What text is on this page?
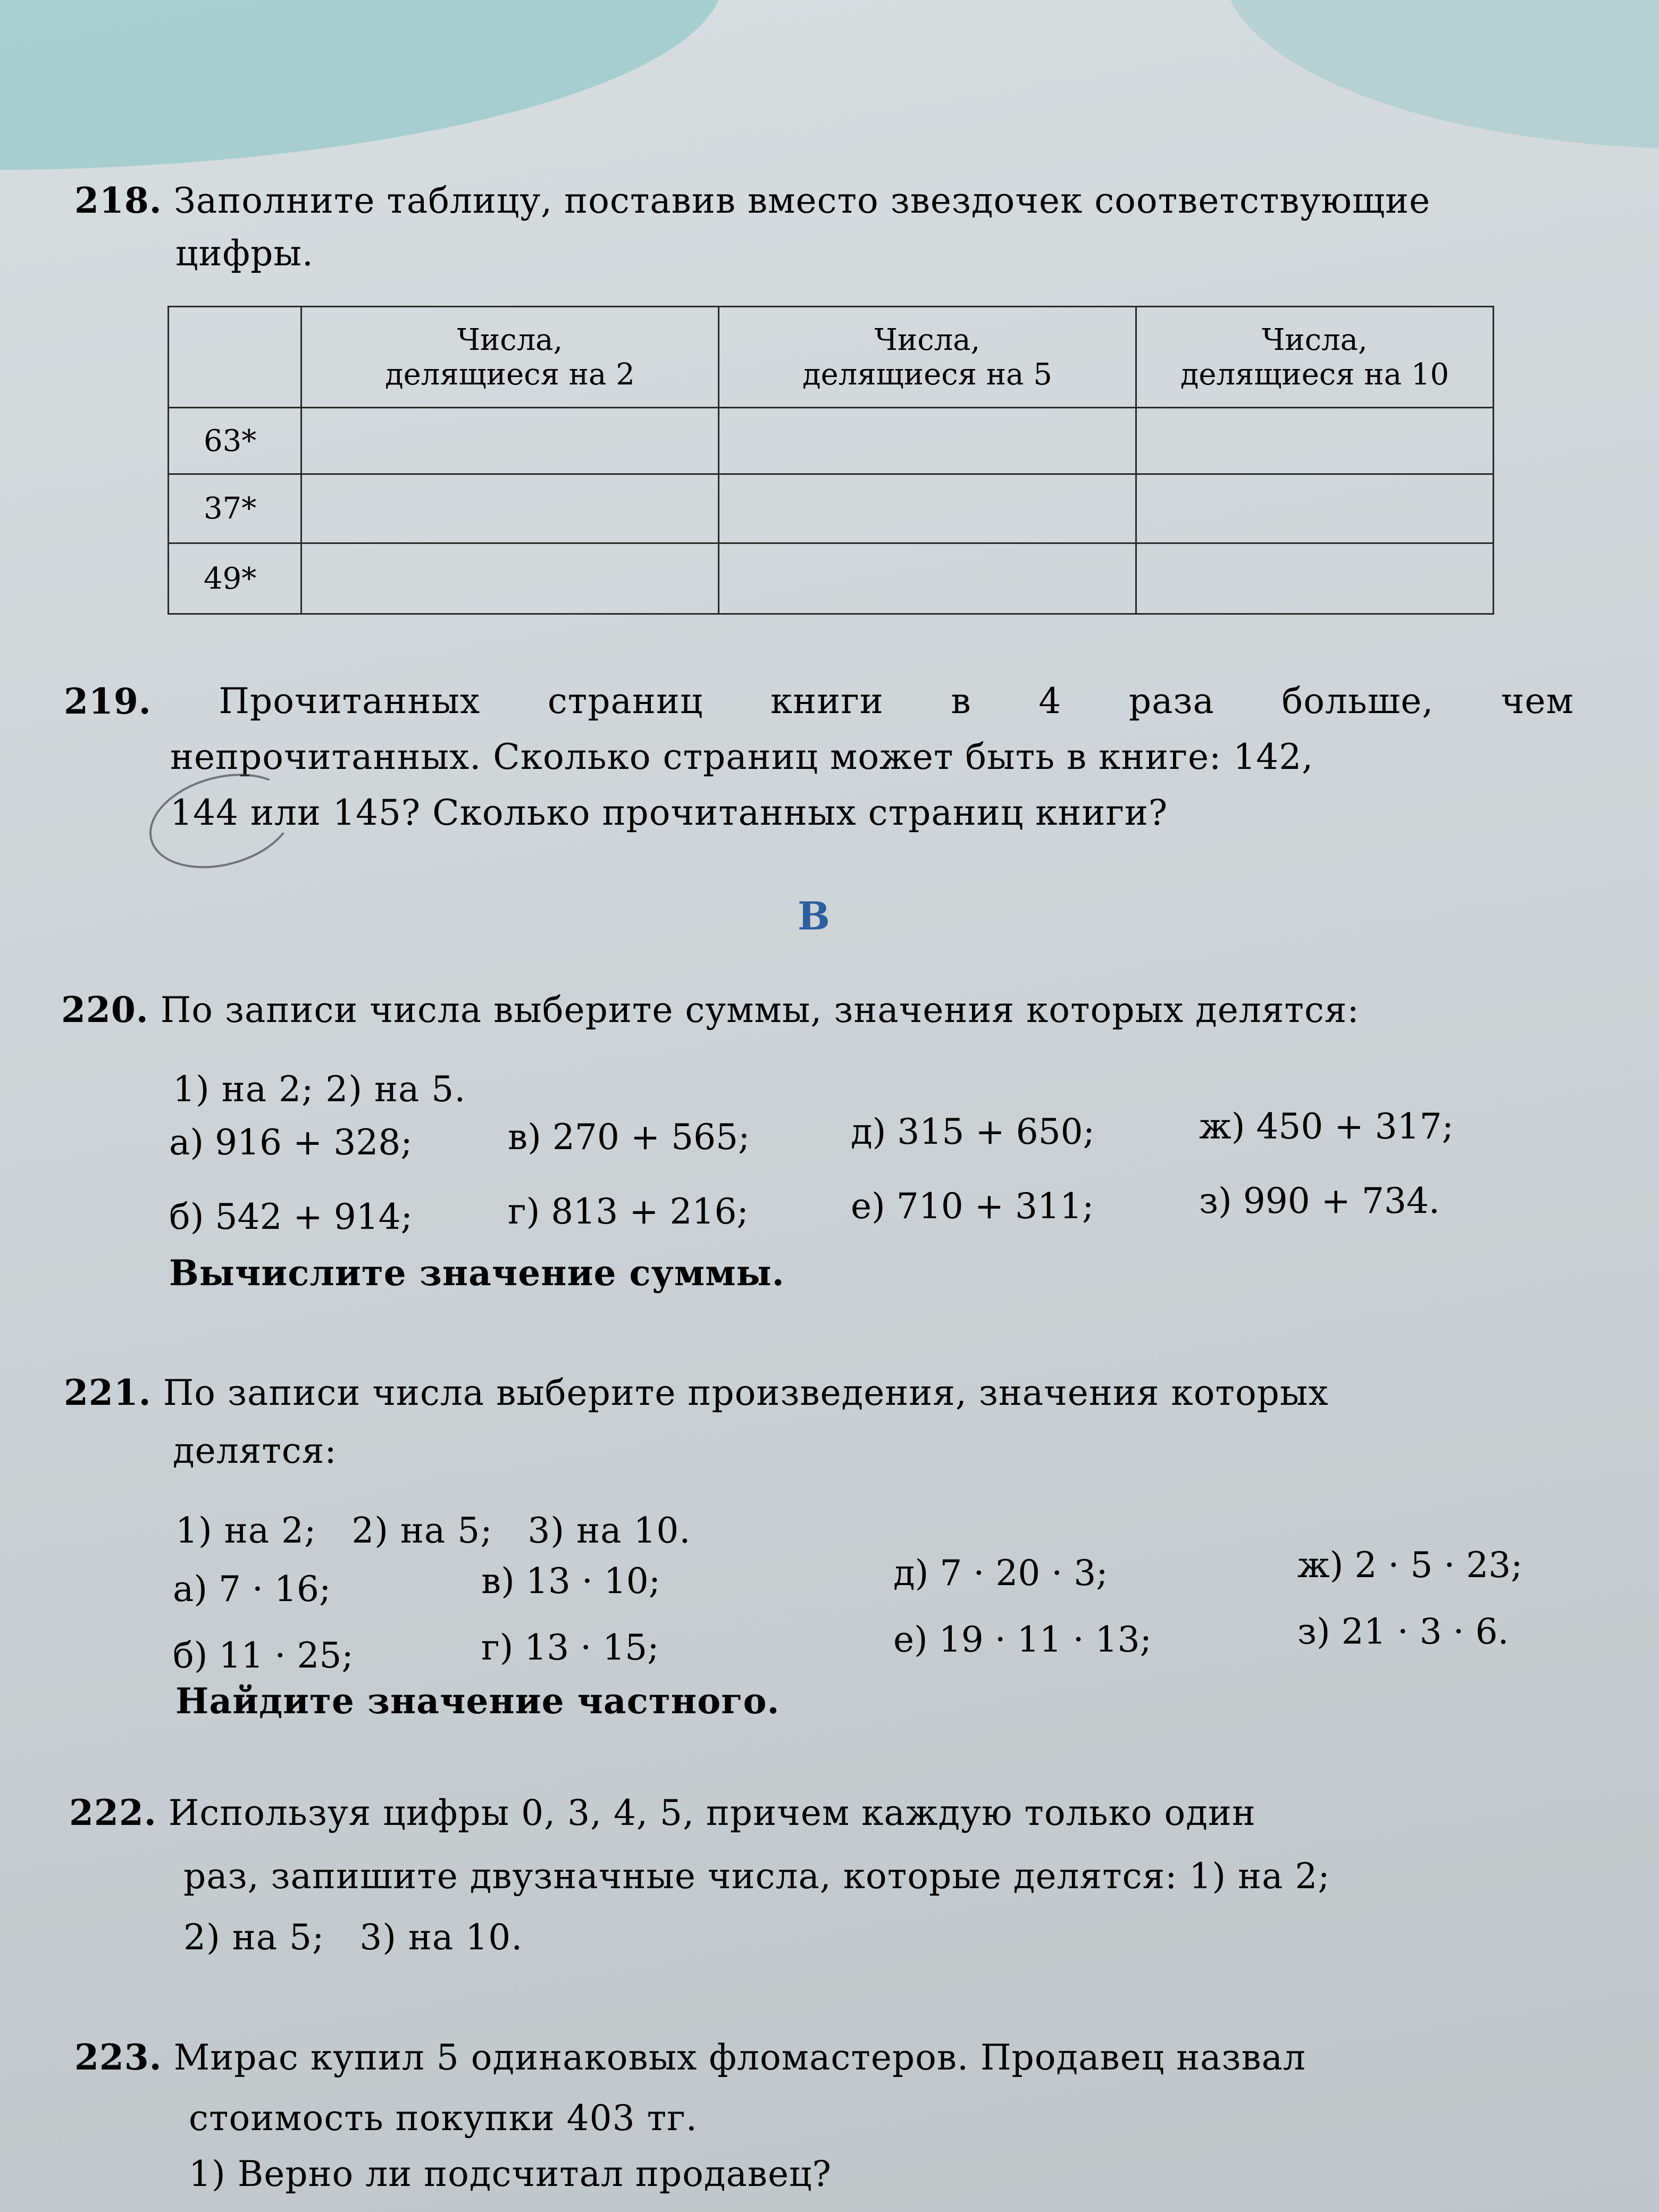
218. Заполните таблицу, поставив вместо звездочек соответствующие
цифры.
	Числа,
делящиеся на 2	Числа,
делящиеся на 5	Числа,
делящиеся на 10
63*			
37*			
49*			
219. Прочитанных страниц книги в 4 раза больше, чем
непрочитанных. Сколько страниц может быть в книге: 142,
144 или 145? Сколько прочитанных страниц книги?
В
220. По записи числа выберите суммы, значения которых делятся:
1) на 2; 2) на 5.
а) 916 + 328;	в) 270 + 565;	д) 315 + 650;	ж) 450 + 317;
б) 542 + 914;	г) 813 + 216;	е) 710 + 311;	з) 990 + 734.
Вычислите значение суммы.
221. По записи числа выберите произведения, значения которых
делятся:
1) на 2;   2) на 5;   3) на 10.
а) 7 · 16;	в) 13 · 10;	д) 7 · 20 · 3;	ж) 2 · 5 · 23;
б) 11 · 25;	г) 13 · 15;	е) 19 · 11 · 13;	з) 21 · 3 · 6.
Найдите значение частного.
222. Используя цифры 0, 3, 4, 5, причем каждую только один
раз, запишите двузначные числа, которые делятся: 1) на 2;
2) на 5;   3) на 10.
223. Мирас купил 5 одинаковых фломастеров. Продавец назвал
стоимость покупки 403 тг.
1) Верно ли подсчитал продавец?
